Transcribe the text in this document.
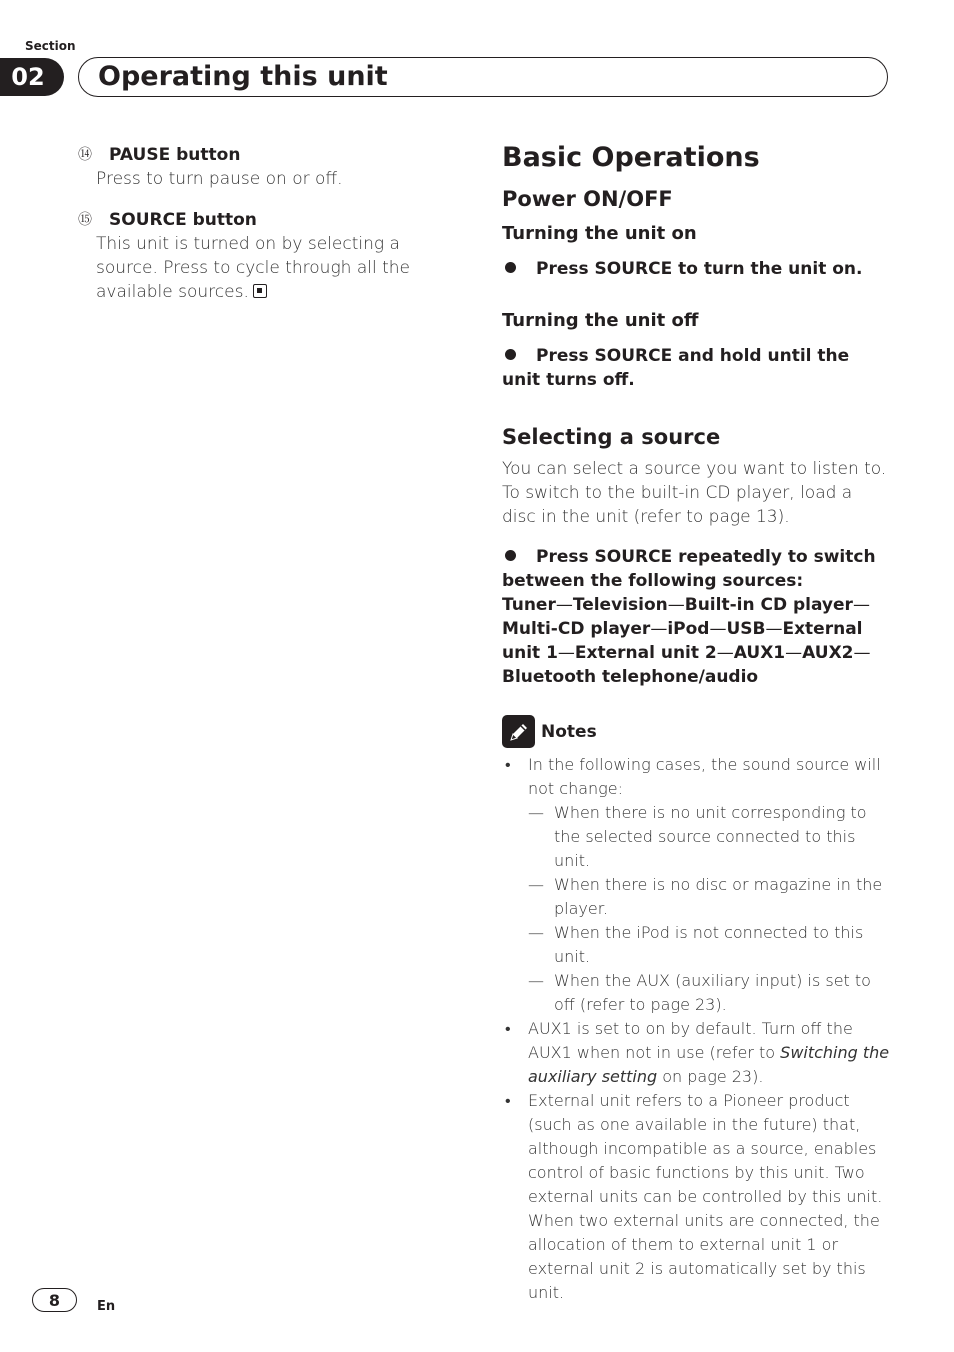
Section
02	Operating this unit
⑭	PAUSE button
Press to turn pause on or off.
⑮	SOURCE button
This unit is turned on by selecting a source. Press to cycle through all the available sources.
Basic Operations
Power ON/OFF
Turning the unit on
Press SOURCE to turn the unit on.
Turning the unit off
Press SOURCE and hold until the unit turns off.
Selecting a source
You can select a source you want to listen to. To switch to the built-in CD player, load a disc in the unit (refer to page 13).
Press SOURCE repeatedly to switch between the following sources:
Tuner—Television—Built-in CD player—Multi-CD player—iPod—USB—External unit 1—External unit 2—AUX1—AUX2—Bluetooth telephone/audio
Notes
• In the following cases, the sound source will not change:
— When there is no unit corresponding to the selected source connected to this unit.
— When there is no disc or magazine in the player.
— When the iPod is not connected to this unit.
— When the AUX (auxiliary input) is set to off (refer to page 23).
• AUX1 is set to on by default. Turn off the AUX1 when not in use (refer to Switching the auxiliary setting on page 23).
• External unit refers to a Pioneer product (such as one available in the future) that, although incompatible as a source, enables control of basic functions by this unit. Two external units can be controlled by this unit. When two external units are connected, the allocation of them to external unit 1 or external unit 2 is automatically set by this unit.
8	En
